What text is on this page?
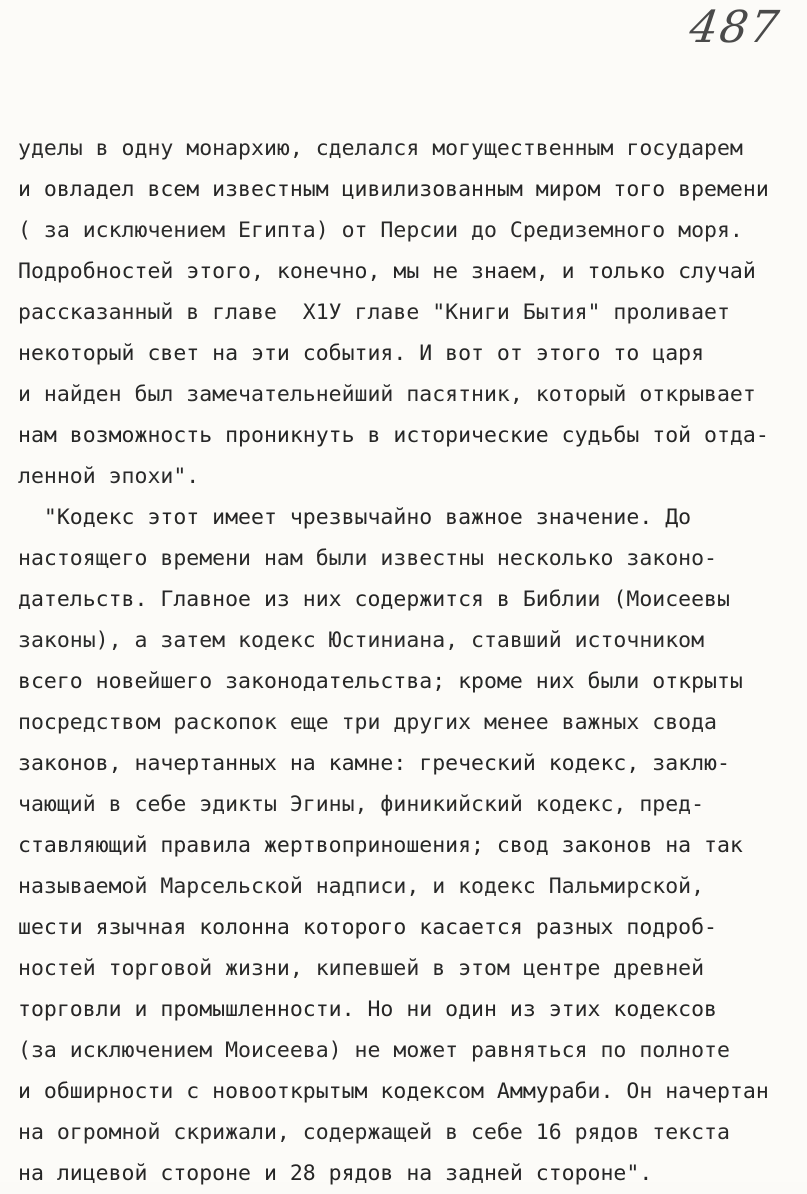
487
уделы в одну монархию, сделался могущественным государем
и овладел всем известным цивилизованным миром того времени
( за исключением Египта) от Персии до Средиземного моря.
Подробностей этого, конечно, мы не знаем, и только случай
рассказанный в главе  Х1У главе "Книги Бытия" проливает
некоторый свет на эти события. И вот от этого то царя
и найден был замечательнейший пасятник, который открывает
нам возможность проникнуть в исторические судьбы той отда-
ленной эпохи".
"Кодекс этот имеет чрезвычайно важное значение. До
настоящего времени нам были известны несколько законо-
дательств. Главное из них содержится в Библии (Моисеевы
законы), а затем кодекс Юстиниана, ставший источником
всего новейшего законодательства; кроме них были открыты
посредством раскопок еще три других менее важных свода
законов, начертанных на камне: греческий кодекс, заклю-
чающий в себе эдикты Эгины, финикийский кодекс, пред-
ставляющий правила жертвоприношения; свод законов на так
называемой Марсельской надписи, и кодекс Пальмирской,
шести язычная колонна которого касается разных подроб-
ностей торговой жизни, кипевшей в этом центре древней
торговли и промышленности. Но ни один из этих кодексов
(за исключением Моисеева) не может равняться по полноте
и обширности с новооткрытым кодексом Аммураби. Он начертан
на огромной скрижали, содержащей в себе 16 рядов текста
на лицевой стороне и 28 рядов на задней стороне".
